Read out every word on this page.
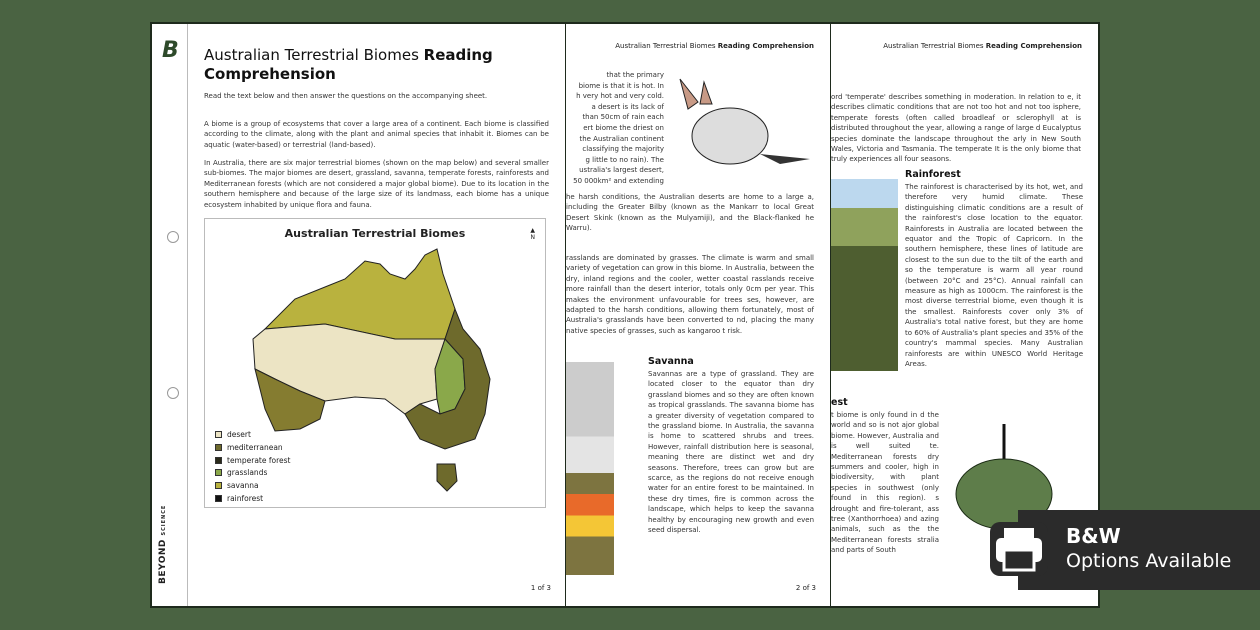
B
BEYOND SCIENCE
Australian Terrestrial Biomes Reading Comprehension
Read the text below and then answer the questions on the accompanying sheet.
A biome is a group of ecosystems that cover a large area of a continent. Each biome is classified according to the climate, along with the plant and animal species that inhabit it. Biomes can be aquatic (water-based) or terrestrial (land-based).
In Australia, there are six major terrestrial biomes (shown on the map below) and several smaller sub-biomes. The major biomes are desert, grassland, savanna, temperate forests, rainforests and Mediterranean forests (which are not considered a major global biome). Due to its location in the southern hemisphere and because of the large size of its landmass, each biome has a unique ecosystem inhabited by unique flora and fauna.
Australian Terrestrial Biomes	▲
N
desert
mediterranean
temperate forest
grasslands
savanna
rainforest
1 of 3
Australian Terrestrial Biomes Reading Comprehension
that the primary
biome is that it is hot. In
h very hot and very cold.
a desert is its lack of
than 50cm of rain each
ert biome the driest on
the Australian continent
classifying the majority
g little to no rain). The
ustralia's largest desert,
50 000km² and extending
he harsh conditions, the Australian deserts are home to a large a, including the Greater Bilby (known as the Mankarr to local Great Desert Skink (known as the Mulyamiji), and the Black-flanked he Warru).
rasslands are dominated by grasses. The climate is warm and small variety of vegetation can grow in this biome. In Australia, between the dry, inland regions and the cooler, wetter coastal rasslands receive more rainfall than the desert interior, totals only 0cm per year. This makes the environment unfavourable for trees ses, however, are adapted to the harsh conditions, allowing them fortunately, most of Australia's grasslands have been converted to nd, placing the many native species of grasses, such as kangaroo t risk.
Savanna
Savannas are a type of grassland. They are located closer to the equator than dry grassland biomes and so they are often known as tropical grasslands. The savanna biome has a greater diversity of vegetation compared to the grassland biome. In Australia, the savanna is home to scattered shrubs and trees. However, rainfall distribution here is seasonal, meaning there are distinct wet and dry seasons. Therefore, trees can grow but are scarce, as the regions do not receive enough water for an entire forest to be maintained. In these dry times, fire is common across the landscape, which helps to keep the savanna healthy by encouraging new growth and even seed dispersal.
2 of 3
Australian Terrestrial Biomes Reading Comprehension
ord 'temperate' describes something in moderation. In relation to e, it describes climatic conditions that are not too hot and not too isphere, temperate forests (often called broadleaf or sclerophyll at is distributed throughout the year, allowing a range of large d Eucalyptus species dominate the landscape throughout the arly in New South Wales, Victoria and Tasmania. The temperate It is the only biome that truly experiences all four seasons.
Rainforest
The rainforest is characterised by its hot, wet, and therefore very humid climate. These distinguishing climatic conditions are a result of the rainforest's close location to the equator. Rainforests in Australia are located between the equator and the Tropic of Capricorn. In the southern hemisphere, these lines of latitude are closest to the sun due to the tilt of the earth and so the temperature is warm all year round (between 20°C and 25°C). Annual rainfall can measure as high as 1000cm. The rainforest is the most diverse terrestrial biome, even though it is the smallest. Rainforests cover only 3% of Australia's total native forest, but they are home to 60% of Australia's plant species and 35% of the country's mammal species. Many Australian rainforests are within UNESCO World Heritage Areas.
est
t biome is only found in d the world and so is not ajor global biome. However, Australia and is well suited te. Mediterranean forests dry summers and cooler, high in biodiversity, with plant species in southwest (only found in this region). s drought and fire-tolerant, ass tree (Xanthorrhoea) and azing animals, such as the the Mediterranean forests stralia and parts of South
B&W
Options Available
